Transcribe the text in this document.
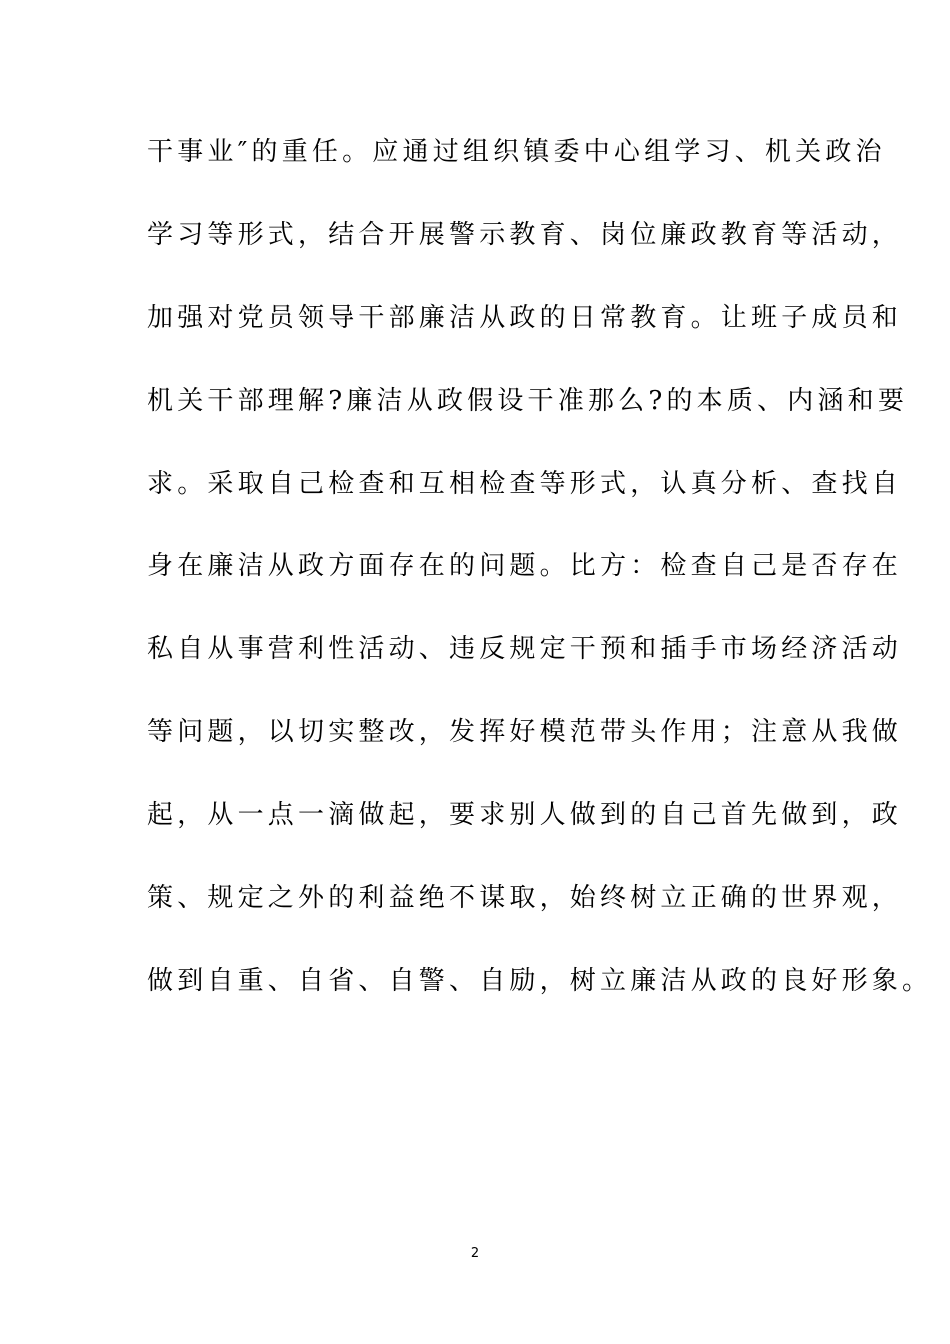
干事业″的重任。应通过组织镇委中心组学习、机关政治
学习等形式，结合开展警示教育、岗位廉政教育等活动，
加强对党员领导干部廉洁从政的日常教育。让班子成员和
机关干部理解?廉洁从政假设干准那么?的本质、内涵和要
求。采取自己检查和互相检查等形式，认真分析、查找自
身在廉洁从政方面存在的问题。比方：检查自己是否存在
私自从事营利性活动、违反规定干预和插手市场经济活动
等问题，以切实整改，发挥好模范带头作用；注意从我做
起，从一点一滴做起，要求别人做到的自己首先做到，政
策、规定之外的利益绝不谋取，始终树立正确的世界观，
做到自重、自省、自警、自励，树立廉洁从政的良好形象。
2
